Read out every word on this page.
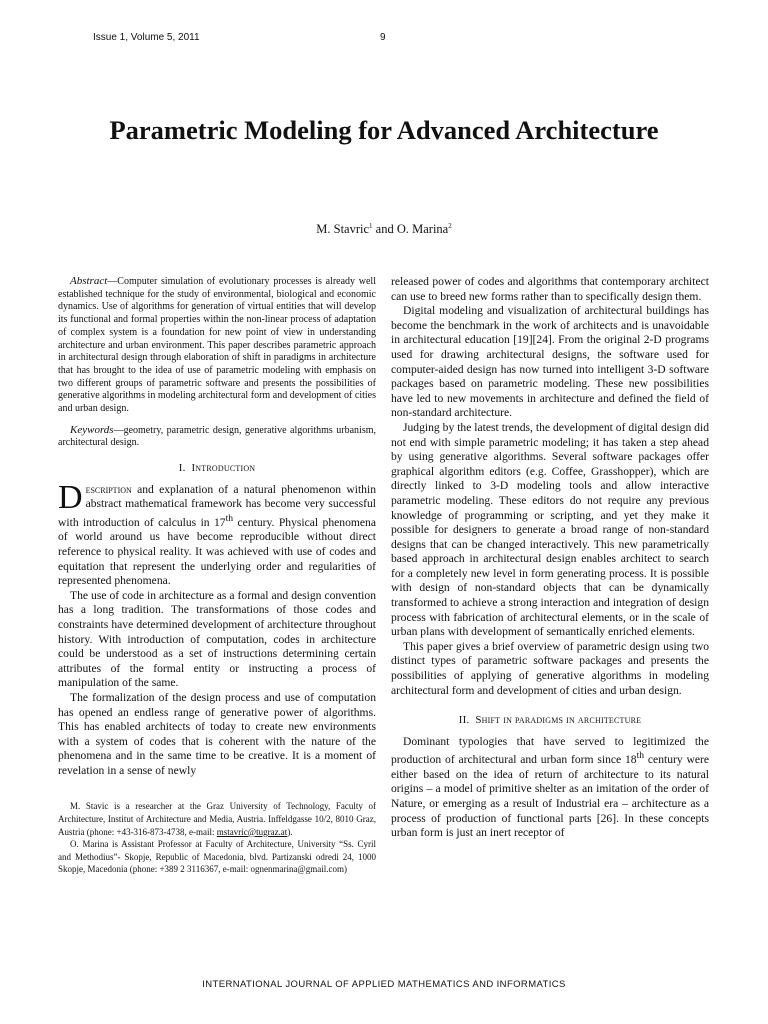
Issue 1, Volume 5, 2011	9
Parametric Modeling for Advanced Architecture
M. Stavric$^1$ and O. Marina$^2$

Abstract—Computer simulation of evolutionary processes is already well established technique for the study of environmental, biological and economic dynamics. Use of algorithms for generation of virtual entities that will develop its functional and formal properties within the non-linear process of adaptation of complex system is a foundation for new point of view in understanding architecture and urban environment. This paper describes parametric approach in architectural design through elaboration of shift in paradigms in architecture that has brought to the idea of use of parametric modeling with emphasis on two different groups of parametric software and presents the possibilities of generative algorithms in modeling architectural form and development of cities and urban design.

Keywords—geometry, parametric design, generative algorithms urbanism, architectural design.

I. Introduction

Description and explanation of a natural phenomenon within abstract mathematical framework has become very successful with introduction of calculus in 17th century. Physical phenomena of world around us have become reproducible without direct reference to physical reality. It was achieved with use of codes and equitation that represent the underlying order and regularities of represented phenomena.

The use of code in architecture as a formal and design convention has a long tradition. The transformations of those codes and constraints have determined development of architecture throughout history. With introduction of computation, codes in architecture could be understood as a set of instructions determining certain attributes of the formal entity or instructing a process of manipulation of the same.

The formalization of the design process and use of computation has opened an endless range of generative power of algorithms. This has enabled architects of today to create new environments with a system of codes that is coherent with the nature of the phenomena and in the same time to be creative. It is a moment of revelation in a sense of newly

M. Stavic is a researcher at the Graz University of Technology, Faculty of Architecture, Institut of Architecture and Media, Austria. Inffeldgasse 10/2, 8010 Graz, Austria (phone: +43-316-873-4738, e-mail: mstavric@tugraz.at).

O. Marina is Assistant Professor at Faculty of Architecture, University “Ss. Cyril and Methodius”- Skopje, Republic of Macedonia, blvd. Partizanski odredi 24, 1000 Skopje, Macedonia (phone: +389 2 3116367, e-mail: ognenmarina@gmail.com)

released power of codes and algorithms that contemporary architect can use to breed new forms rather than to specifically design them.

Digital modeling and visualization of architectural buildings has become the benchmark in the work of architects and is unavoidable in architectural education [19][24]. From the original 2-D programs used for drawing architectural designs, the software used for computer-aided design has now turned into intelligent 3-D software packages based on parametric modeling. These new possibilities have led to new movements in architecture and defined the field of non-standard architecture.

Judging by the latest trends, the development of digital design did not end with simple parametric modeling; it has taken a step ahead by using generative algorithms. Several software packages offer graphical algorithm editors (e.g. Coffee, Grasshopper), which are directly linked to 3-D modeling tools and allow interactive parametric modeling. These editors do not require any previous knowledge of programming or scripting, and yet they make it possible for designers to generate a broad range of non-standard designs that can be changed interactively. This new parametrically based approach in architectural design enables architect to search for a completely new level in form generating process. It is possible with design of non-standard objects that can be dynamically transformed to achieve a strong interaction and integration of design process with fabrication of architectural elements, or in the scale of urban plans with development of semantically enriched elements.

This paper gives a brief overview of parametric design using two distinct types of parametric software packages and presents the possibilities of applying of generative algorithms in modeling architectural form and development of cities and urban design.

II. Shift in paradigms in architecture

Dominant typologies that have served to legitimized the production of architectural and urban form since 18th century were either based on the idea of return of architecture to its natural origins – a model of primitive shelter as an imitation of the order of Nature, or emerging as a result of Industrial era – architecture as a process of production of functional parts [26]. In these concepts urban form is just an inert receptor of

INTERNATIONAL JOURNAL OF APPLIED MATHEMATICS AND INFORMATICS
